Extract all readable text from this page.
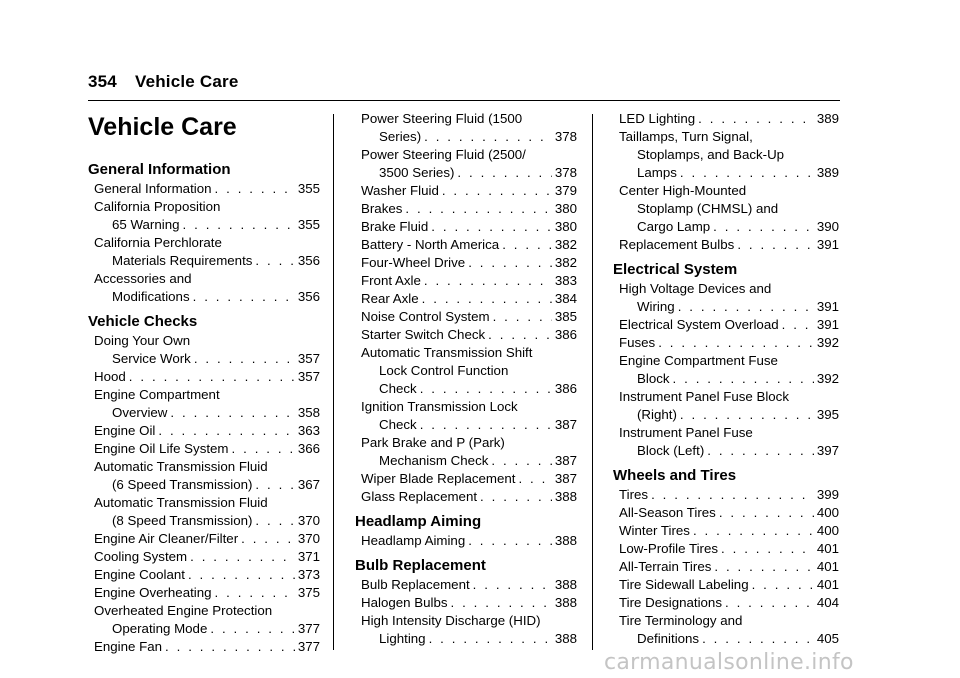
354 Vehicle Care
Vehicle Care
General Information
General Information . . .	355
California Proposition
65 Warning . . .	355
California Perchlorate
Materials Requirements . . .	356
Accessories and
Modifications . . .	356
Vehicle Checks
Doing Your Own
Service Work . . .	357
Hood . . .	357
Engine Compartment
Overview . . .	358
Engine Oil . . .	363
Engine Oil Life System . . .	366
Automatic Transmission Fluid
(6 Speed Transmission) . . .	367
Automatic Transmission Fluid
(8 Speed Transmission) . . .	370
Engine Air Cleaner/Filter . . .	370
Cooling System . . .	371
Engine Coolant . . .	373
Engine Overheating . . .	375
Overheated Engine Protection
Operating Mode . . .	377
Engine Fan . . .	377
Power Steering Fluid (1500
Series) . . .	378
Power Steering Fluid (2500/
3500 Series) . . .	378
Washer Fluid . . .	379
Brakes . . .	380
Brake Fluid . . .	380
Battery - North America . . .	382
Four-Wheel Drive . . .	382
Front Axle . . .	383
Rear Axle . . .	384
Noise Control System . . .	385
Starter Switch Check . . .	386
Automatic Transmission Shift
Lock Control Function
Check . . .	386
Ignition Transmission Lock
Check . . .	387
Park Brake and P (Park)
Mechanism Check . . .	387
Wiper Blade Replacement . . .	387
Glass Replacement . . .	388
Headlamp Aiming
Headlamp Aiming . . .	388
Bulb Replacement
Bulb Replacement . . .	388
Halogen Bulbs . . .	388
High Intensity Discharge (HID)
Lighting . . .	388
LED Lighting . . .	389
Taillamps, Turn Signal,
Stoplamps, and Back-Up
Lamps . . .	389
Center High-Mounted
Stoplamp (CHMSL) and
Cargo Lamp . . .	390
Replacement Bulbs . . .	391
Electrical System
High Voltage Devices and
Wiring . . .	391
Electrical System Overload . . .	391
Fuses . . .	392
Engine Compartment Fuse
Block . . .	392
Instrument Panel Fuse Block
(Right) . . .	395
Instrument Panel Fuse
Block (Left) . . .	397
Wheels and Tires
Tires . . .	399
All-Season Tires . . .	400
Winter Tires . . .	400
Low-Profile Tires . . .	401
All-Terrain Tires . . .	401
Tire Sidewall Labeling . . .	401
Tire Designations . . .	404
Tire Terminology and
Definitions . . .	405
carmanualsonline.info
